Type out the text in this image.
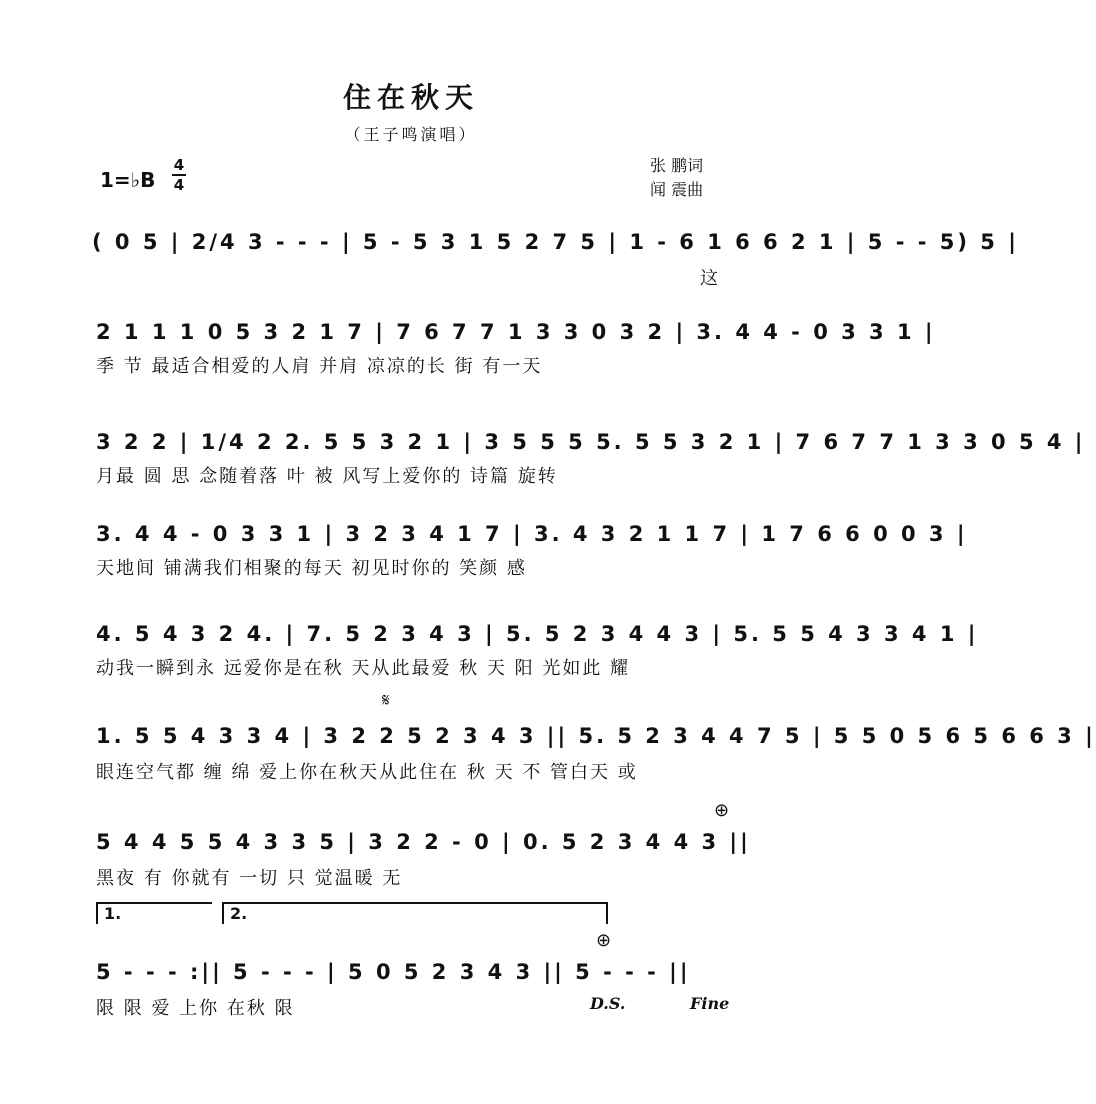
住在秋天
（王子鸣演唱）
1=♭B
4
4
张 鹏词
闻 震曲
( 0 5 | 2/4 3 - - - | 5 - 5 3 1 5 2 7 5 | 1 - 6 1 6 6 2 1 | 5 - - 5) 5 |
这
2 1 1 1 0 5 3 2 1 7 | 7 6 7 7 1 3 3 0 3 2 | 3. 4 4 - 0 3 3 1 |
季 节 最适合相爱的人肩 并肩 凉凉的长 街 有一天
3 2 2 | 1/4 2 2. 5 5 3 2 1 | 3 5 5 5 5. 5 5 3 2 1 | 7 6 7 7 1 3 3 0 5 4 |
月最 圆 思 念随着落 叶 被 风写上爱你的 诗篇 旋转
3. 4 4 - 0 3 3 1 | 3 2 3 4 1 7 | 3. 4 3 2 1 1 7 | 1 7 6 6 0 0 3 |
天地间 铺满我们相聚的每天 初见时你的 笑颜 感
4. 5 4 3 2 4. | 7. 5 2 3 4 3 | 5. 5 2 3 4 4 3 | 5. 5 5 4 3 3 4 1 |
动我一瞬到永 远爱你是在秋 天从此最爱 秋 天 阳 光如此 耀
𝄋
1. 5 5 4 3 3 4 | 3 2 2 5 2 3 4 3 || 5. 5 2 3 4 4 7 5 | 5 5 0 5 6 5 6 6 3 |
眼连空气都 缠 绵 爱上你在秋天从此住在 秋 天 不 管白天 或
⊕
5 4 4 5 5 4 3 3 5 | 3 2 2 - 0 | 0. 5 2 3 4 4 3 ||
黑夜 有 你就有 一切 只 觉温暖 无
1.	2.
⊕
5 - - - :|| 5 - - - | 5 0 5 2 3 4 3 || 5 - - - ||
限 限 爱 上你 在秋 限	D.S.	Fine
